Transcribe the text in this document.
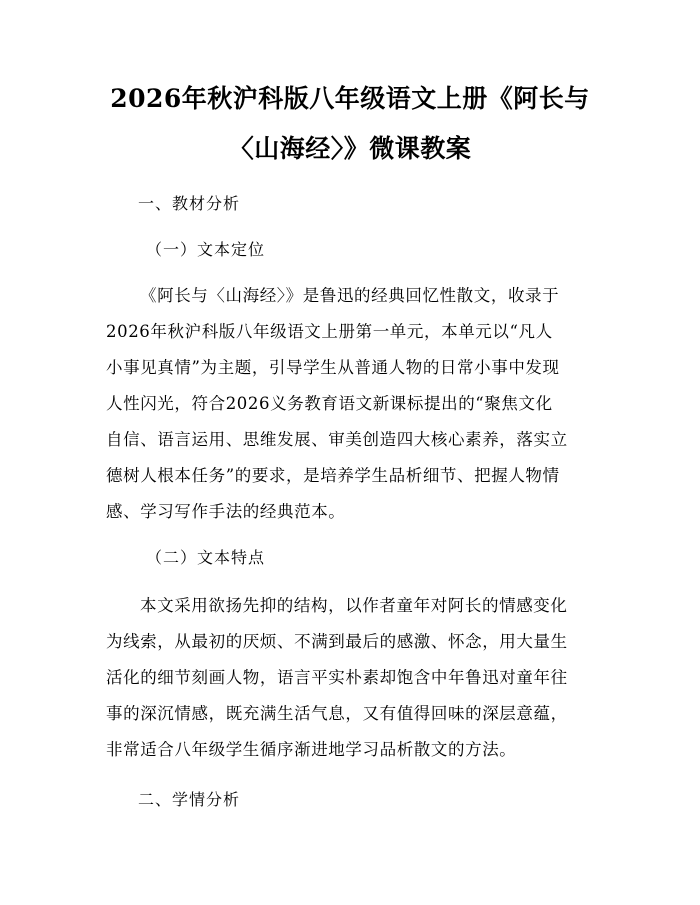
2026年秋沪科版八年级语文上册《阿长与
〈山海经〉》微课教案
一、教材分析
（一）文本定位
《阿长与〈山海经〉》是鲁迅的经典回忆性散文，收录于
2026年秋沪科版八年级语文上册第一单元，本单元以“凡人
小事见真情”为主题，引导学生从普通人物的日常小事中发现
人性闪光，符合2026义务教育语文新课标提出的“聚焦文化
自信、语言运用、思维发展、审美创造四大核心素养，落实立
德树人根本任务”的要求，是培养学生品析细节、把握人物情
感、学习写作手法的经典范本。
（二）文本特点
本文采用欲扬先抑的结构，以作者童年对阿长的情感变化
为线索，从最初的厌烦、不满到最后的感激、怀念，用大量生
活化的细节刻画人物，语言平实朴素却饱含中年鲁迅对童年往
事的深沉情感，既充满生活气息，又有值得回味的深层意蕴，
非常适合八年级学生循序渐进地学习品析散文的方法。
二、学情分析
